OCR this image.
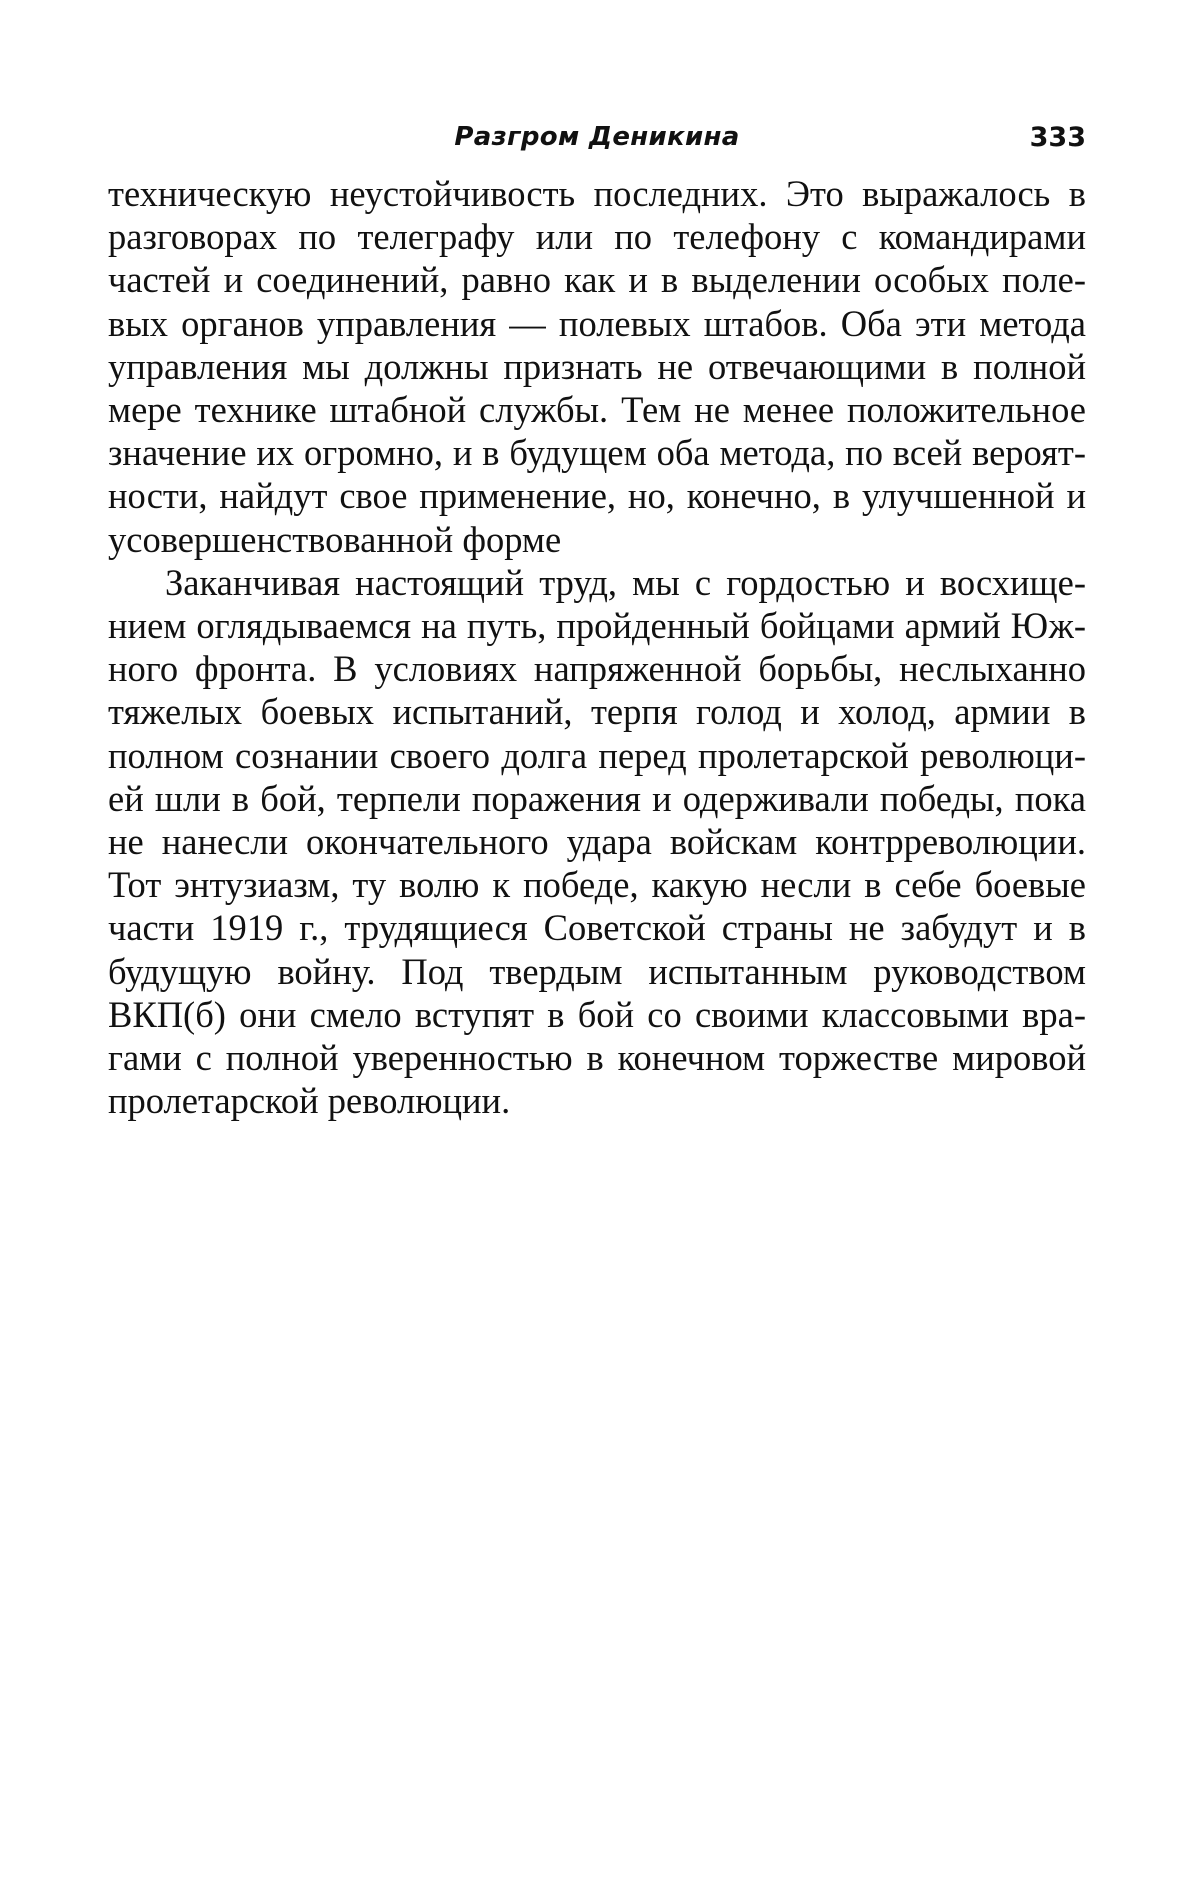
Разгром Деникина	333

техническую неустойчивость последних. Это выражалось в разговорах по телеграфу или по телефону с командирами частей и соединений, равно как и в выделении особых полевых органов управления — полевых штабов. Оба эти метода управления мы должны признать не отвечающими в полной мере технике штабной службы. Тем не менее положительное значение их огромно, и в будущем оба метода, по всей вероятности, найдут свое применение, но, конечно, в улучшенной и усовершенствованной форме

Заканчивая настоящий труд, мы с гордостью и восхищением оглядываемся на путь, пройденный бойцами армий Южного фронта. В условиях напряженной борьбы, неслыханно тяжелых боевых испытаний, терпя голод и холод, армии в полном сознании своего долга перед пролетарской революцией шли в бой, терпели поражения и одерживали победы, пока не нанесли окончательного удара войскам контрреволюции. Тот энтузиазм, ту волю к победе, какую несли в себе боевые части 1919 г., трудящиеся Советской страны не забудут и в будущую войну. Под твердым испытанным руководством ВКП(б) они смело вступят в бой со своими классовыми врагами с полной уверенностью в конечном торжестве мировой пролетарской революции.
